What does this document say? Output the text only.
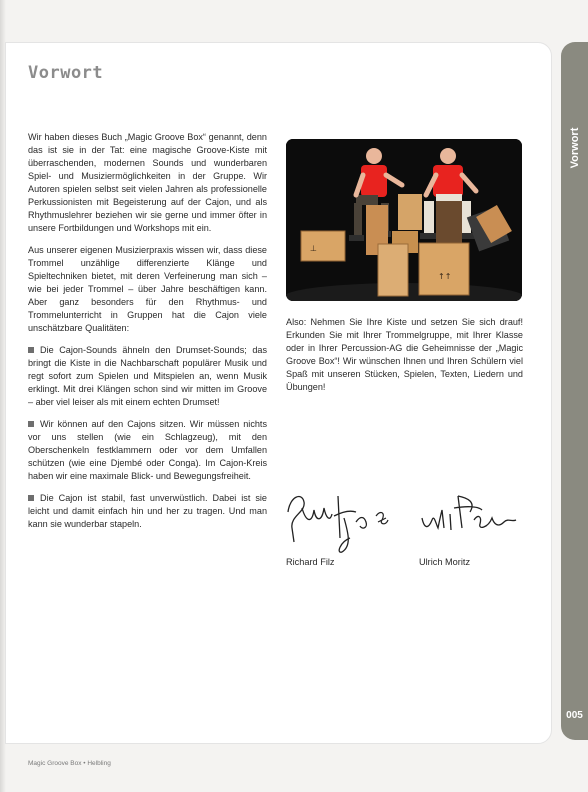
Vorwort
Vorwort
005

Wir haben dieses Buch „Magic Groove Box“ genannt, denn das ist sie in der Tat: eine magische Groove-Kiste mit überraschenden, modernen Sounds und wunderbaren Spiel- und Musiziermöglichkeiten in der Gruppe. Wir Autoren spielen selbst seit vielen Jahren als professionelle Perkussionisten mit Begeisterung auf der Cajon, und als Rhythmuslehrer beziehen wir sie gerne und immer öfter in unsere Fortbildungen und Workshops mit ein.

Aus unserer eigenen Musizierpraxis wissen wir, dass diese Trommel unzählige differenzierte Klänge und Spieltechniken bietet, mit deren Verfeinerung man sich – wie bei jeder Trommel – über Jahre beschäftigen kann. Aber ganz besonders für den Rhythmus- und Trommelunterricht in Gruppen hat die Cajon viele unschätzbare Qualitäten:

Die Cajon-Sounds ähneln den Drumset-Sounds; das bringt die Kiste in die Nachbarschaft populärer Musik und regt sofort zum Spielen und Mitspielen an, wenn Musik erklingt. Mit drei Klängen schon sind wir mitten im Groove – aber viel leiser als mit einem echten Drumset!

Wir können auf den Cajons sitzen. Wir müssen nichts vor uns stellen (wie ein Schlagzeug), mit den Oberschenkeln festklammern oder vor dem Umfallen schützen (wie eine Djembé oder Conga). Im Cajon-Kreis haben wir eine maximale Blick- und Bewegungsfreiheit.

Die Cajon ist stabil, fast unverwüstlich. Dabei ist sie leicht und damit einfach hin und her zu tragen. Und man kann sie wunderbar stapeln.

⊥
↑↑

Also: Nehmen Sie Ihre Kiste und setzen Sie sich drauf! Erkunden Sie mit Ihrer Trommelgruppe, mit Ihrer Klasse oder in Ihrer Percussion-AG die Geheimnisse der „Magic Groove Box“! Wir wünschen Ihnen und Ihren Schülern viel Spaß mit unseren Stücken, Spielen, Texten, Liedern und Übungen!

Richard Filz	Ulrich Moritz
Magic Groove Box • Helbling
